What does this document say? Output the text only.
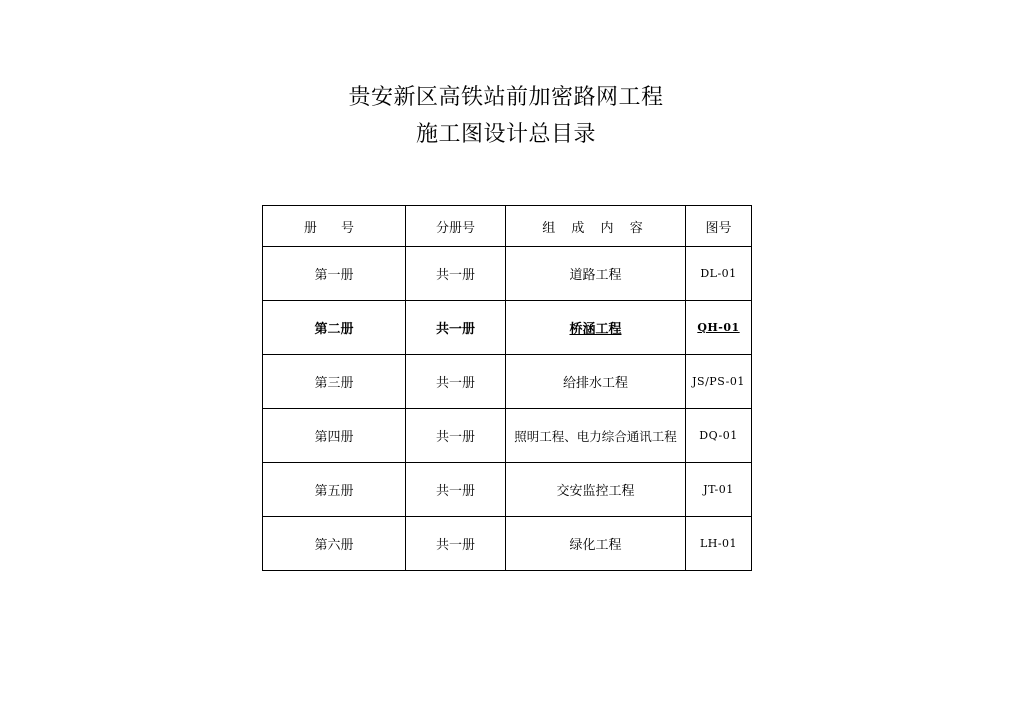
贵安新区高铁站前加密路网工程
施工图设计总目录
册 号	分册号	组 成 内 容	图号
第一册	共一册	道路工程	DL-01
第二册	共一册	桥涵工程	QH-01
第三册	共一册	给排水工程	JS/PS-01
第四册	共一册	照明工程、电力综合通讯工程	DQ-01
第五册	共一册	交安监控工程	JT-01
第六册	共一册	绿化工程	LH-01
